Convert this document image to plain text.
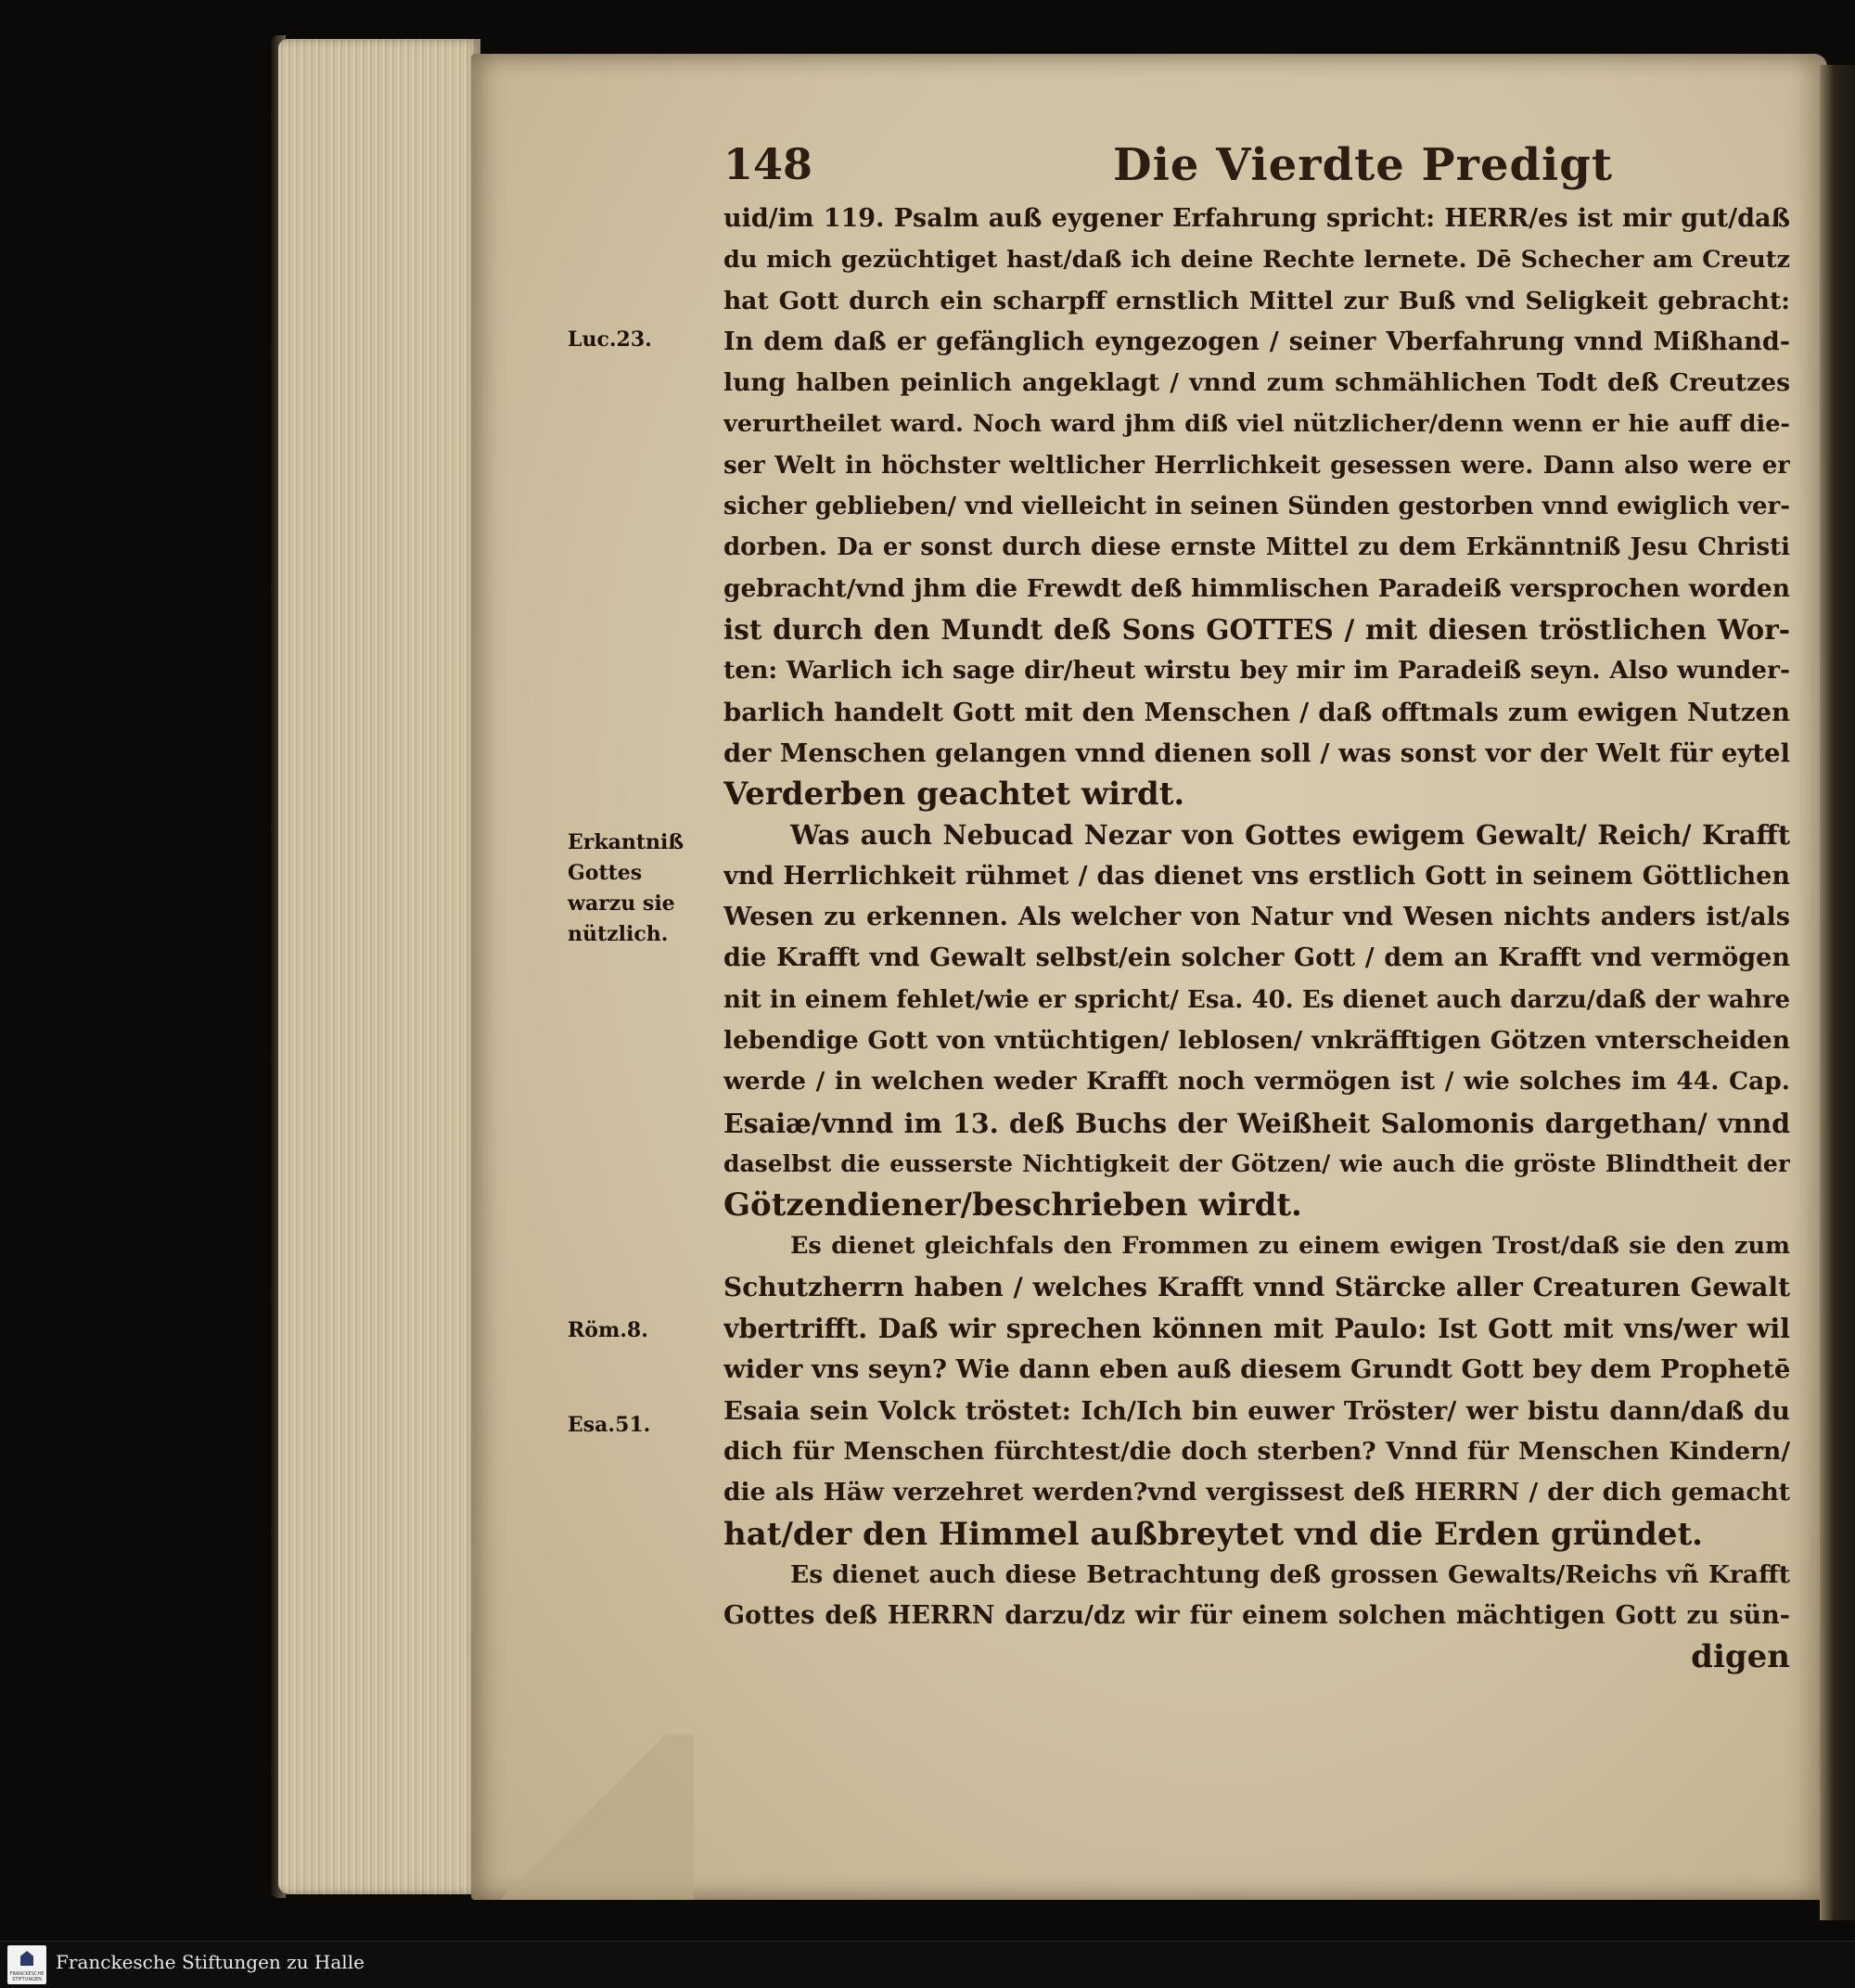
148	Die Vierdte Predigt
Luc.23.
Erkantniß
Gottes
warzu sie
nützlich.
Röm.8.
Esa.51.
uid/im 119. Psalm auß eygener Erfahrung spricht: HERR/es ist mir gut/daß
du mich gezüchtiget hast/daß ich deine Rechte lernete. Dē Schecher am Creutz
hat Gott durch ein scharpff ernstlich Mittel zur Buß vnd Seligkeit gebracht:
In dem daß er gefänglich eyngezogen / seiner Vberfahrung vnnd Mißhand-
lung halben peinlich angeklagt / vnnd zum schmählichen Todt deß Creutzes
verurtheilet ward. Noch ward jhm diß viel nützlicher/denn wenn er hie auff die-
ser Welt in höchster weltlicher Herrlichkeit gesessen were. Dann also were er
sicher geblieben/ vnd vielleicht in seinen Sünden gestorben vnnd ewiglich ver-
dorben. Da er sonst durch diese ernste Mittel zu dem Erkänntniß Jesu Christi
gebracht/vnd jhm die Frewdt deß himmlischen Paradeiß versprochen worden
ist durch den Mundt deß Sons GOTTES / mit diesen tröstlichen Wor-
ten: Warlich ich sage dir/heut wirstu bey mir im Paradeiß seyn. Also wunder-
barlich handelt Gott mit den Menschen / daß offtmals zum ewigen Nutzen
der Menschen gelangen vnnd dienen soll / was sonst vor der Welt für eytel
Verderben geachtet wirdt.
Was auch Nebucad Nezar von Gottes ewigem Gewalt/ Reich/ Krafft
vnd Herrlichkeit rühmet / das dienet vns erstlich Gott in seinem Göttlichen
Wesen zu erkennen. Als welcher von Natur vnd Wesen nichts anders ist/als
die Krafft vnd Gewalt selbst/ein solcher Gott / dem an Krafft vnd vermögen
nit in einem fehlet/wie er spricht/ Esa. 40. Es dienet auch darzu/daß der wahre
lebendige Gott von vntüchtigen/ leblosen/ vnkräfftigen Götzen vnterscheiden
werde / in welchen weder Krafft noch vermögen ist / wie solches im 44. Cap.
Esaiæ/vnnd im 13. deß Buchs der Weißheit Salomonis dargethan/ vnnd
daselbst die eusserste Nichtigkeit der Götzen/ wie auch die gröste Blindtheit der
Götzendiener/beschrieben wirdt.
Es dienet gleichfals den Frommen zu einem ewigen Trost/daß sie den zum
Schutzherrn haben / welches Krafft vnnd Stärcke aller Creaturen Gewalt
vbertrifft. Daß wir sprechen können mit Paulo: Ist Gott mit vns/wer wil
wider vns seyn? Wie dann eben auß diesem Grundt Gott bey dem Prophetē
Esaia sein Volck tröstet: Ich/Ich bin euwer Tröster/ wer bistu dann/daß du
dich für Menschen fürchtest/die doch sterben? Vnnd für Menschen Kindern/
die als Häw verzehret werden?vnd vergissest deß HERRN / der dich gemacht
hat/der den Himmel außbreytet vnd die Erden gründet.
Es dienet auch diese Betrachtung deß grossen Gewalts/Reichs vñ Krafft
Gottes deß HERRN darzu/dz wir für einem solchen mächtigen Gott zu sün-
digen
FRANCKESCHE STIFTUNGEN
Franckesche Stiftungen zu Halle
